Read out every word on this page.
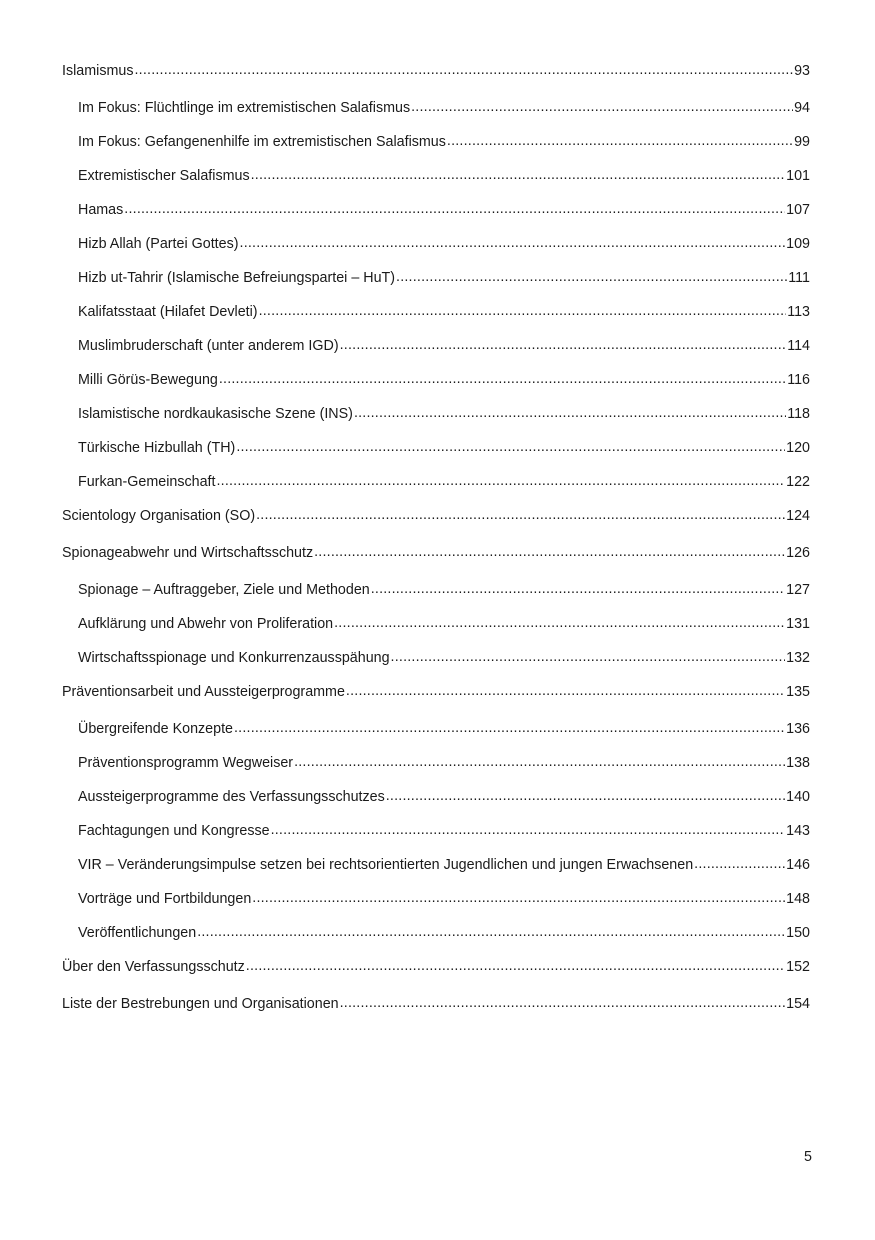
Islamismus .....	93
Im Fokus: Flüchtlinge im extremistischen Salafismus .....	94
Im Fokus: Gefangenenhilfe im extremistischen Salafismus .....	99
Extremistischer Salafismus .....	101
Hamas .....	107
Hizb Allah (Partei Gottes) .....	109
Hizb ut-Tahrir (Islamische Befreiungspartei – HuT) .....	111
Kalifatsstaat (Hilafet Devleti) .....	113
Muslimbruderschaft (unter anderem IGD) .....	114
Milli Görüs-Bewegung .....	116
Islamistische nordkaukasische Szene (INS) .....	118
Türkische Hizbullah (TH) .....	120
Furkan-Gemeinschaft .....	122
Scientology Organisation (SO) .....	124
Spionageabwehr und Wirtschaftsschutz .....	126
Spionage – Auftraggeber, Ziele und Methoden .....	127
Aufklärung und Abwehr von Proliferation .....	131
Wirtschaftsspionage und Konkurrenzausspähung .....	132
Präventionsarbeit und Aussteigerprogramme .....	135
Übergreifende Konzepte .....	136
Präventionsprogramm Wegweiser .....	138
Aussteigerprogramme des Verfassungsschutzes .....	140
Fachtagungen und Kongresse .....	143
VIR – Veränderungsimpulse setzen bei rechtsorientierten Jugendlichen und jungen Erwachsenen .....	146
Vorträge und Fortbildungen .....	148
Veröffentlichungen .....	150
Über den Verfassungsschutz .....	152
Liste der Bestrebungen und Organisationen .....	154
5
